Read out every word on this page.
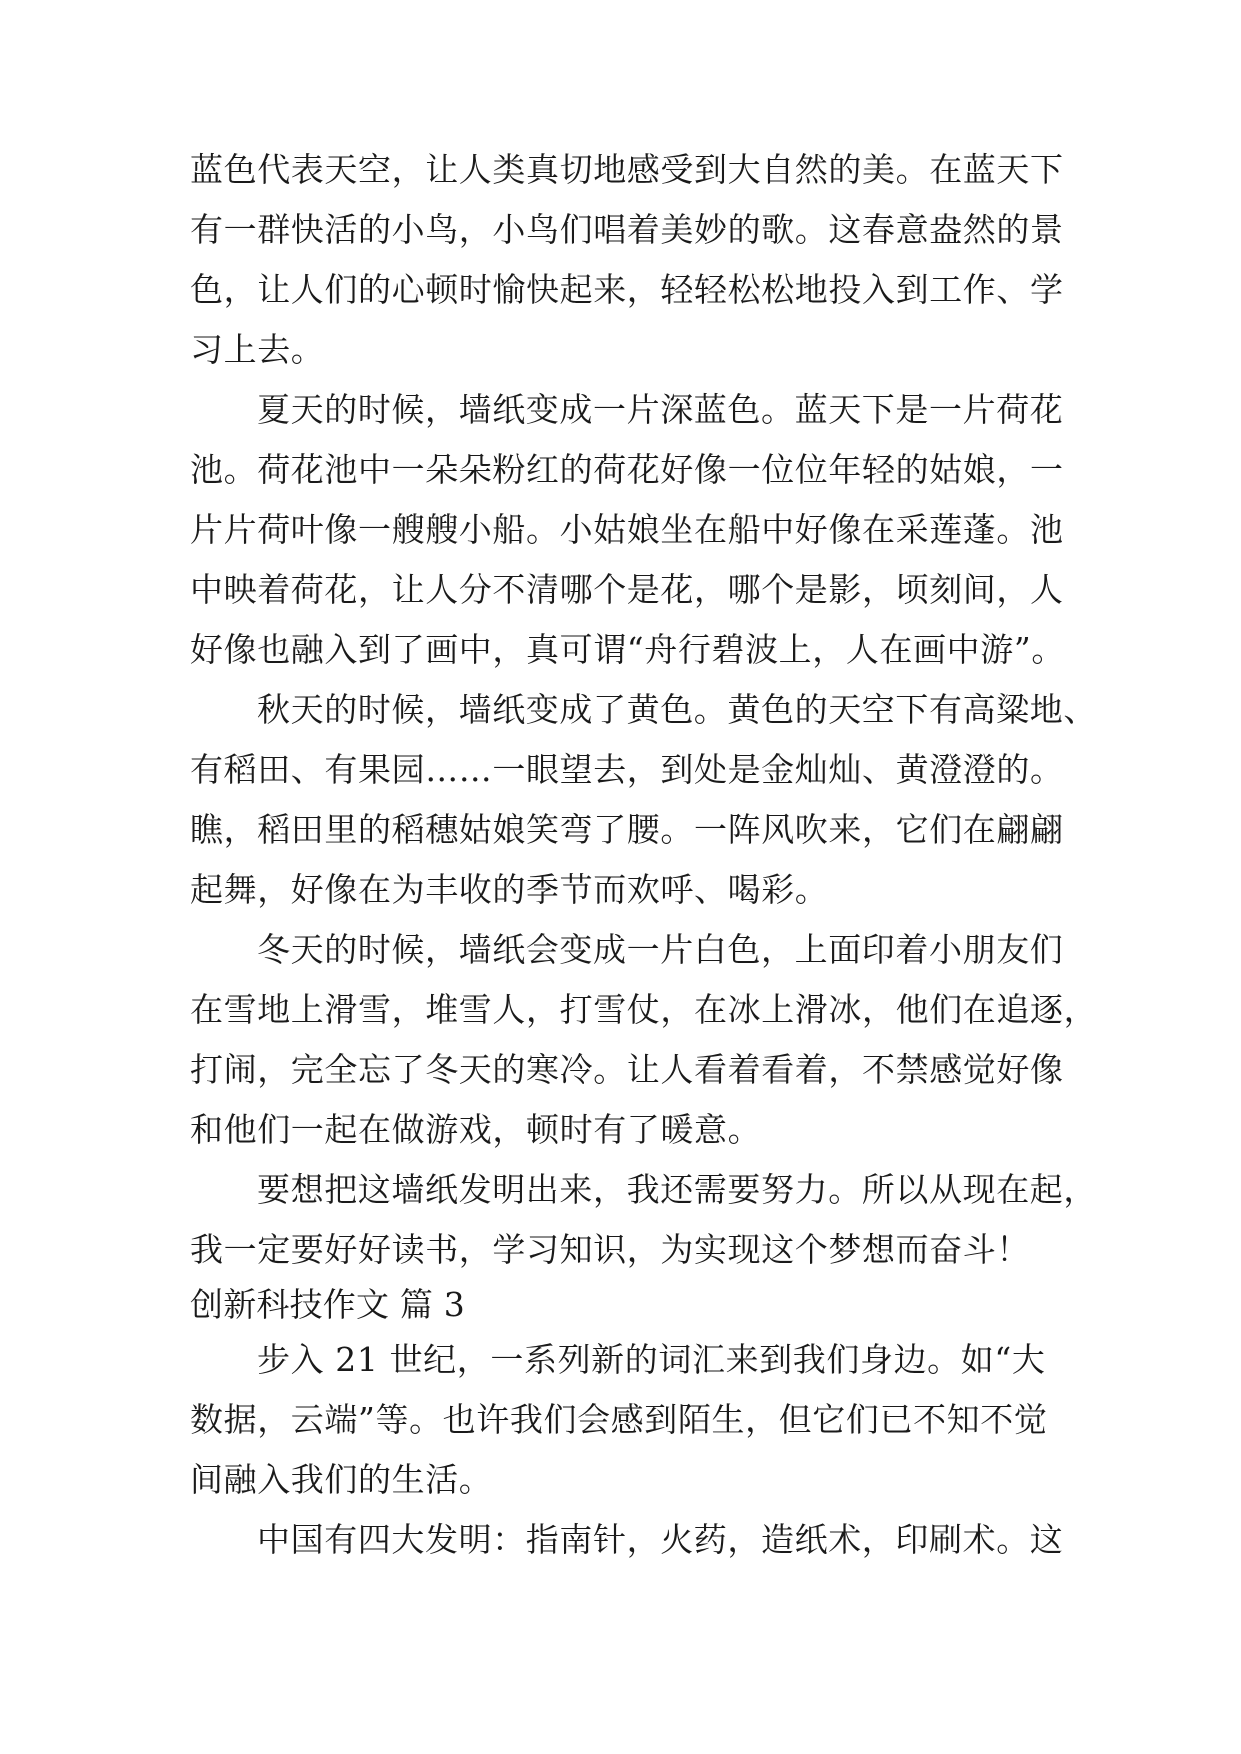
蓝色代表天空，让人类真切地感受到大自然的美。在蓝天下
有一群快活的小鸟，小鸟们唱着美妙的歌。这春意盎然的景
色，让人们的心顿时愉快起来，轻轻松松地投入到工作、学
习上去。
夏天的时候，墙纸变成一片深蓝色。蓝天下是一片荷花
池。荷花池中一朵朵粉红的荷花好像一位位年轻的姑娘，一
片片荷叶像一艘艘小船。小姑娘坐在船中好像在采莲蓬。池
中映着荷花，让人分不清哪个是花，哪个是影，顷刻间，人
好像也融入到了画中，真可谓“舟行碧波上，人在画中游”。
秋天的时候，墙纸变成了黄色。黄色的天空下有高粱地、
有稻田、有果园……一眼望去，到处是金灿灿、黄澄澄的。
瞧，稻田里的稻穗姑娘笑弯了腰。一阵风吹来，它们在翩翩
起舞，好像在为丰收的季节而欢呼、喝彩。
冬天的时候，墙纸会变成一片白色，上面印着小朋友们
在雪地上滑雪，堆雪人，打雪仗，在冰上滑冰，他们在追逐，
打闹，完全忘了冬天的寒冷。让人看着看着，不禁感觉好像
和他们一起在做游戏，顿时有了暖意。
要想把这墙纸发明出来，我还需要努力。所以从现在起，
我一定要好好读书，学习知识，为实现这个梦想而奋斗！
创新科技作文 篇 3
步入 21 世纪，一系列新的词汇来到我们身边。如“大
数据，云端”等。也许我们会感到陌生，但它们已不知不觉
间融入我们的生活。
中国有四大发明：指南针，火药，造纸术，印刷术。这
